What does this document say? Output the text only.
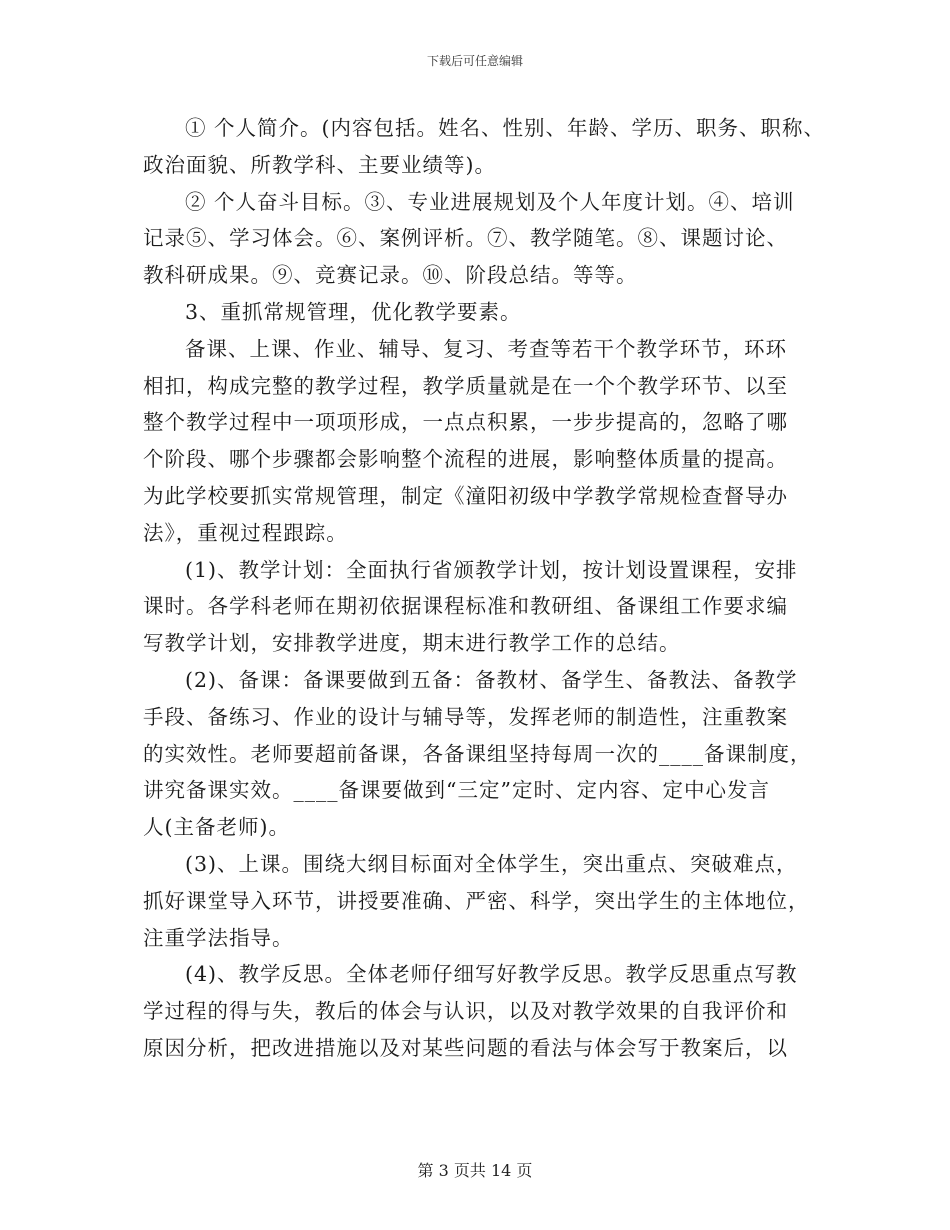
下载后可任意编辑
① 个人简介。(内容包括。姓名、性别、年龄、学历、职务、职称、
政治面貌、所教学科、主要业绩等)。
② 个人奋斗目标。③、专业进展规划及个人年度计划。④、培训
记录⑤、学习体会。⑥、案例评析。⑦、教学随笔。⑧、课题讨论、
教科研成果。⑨、竞赛记录。⑩、阶段总结。等等。
3、重抓常规管理，优化教学要素。
备课、上课、作业、辅导、复习、考查等若干个教学环节，环环
相扣，构成完整的教学过程，教学质量就是在一个个教学环节、以至
整个教学过程中一项项形成，一点点积累，一步步提高的，忽略了哪
个阶段、哪个步骤都会影响整个流程的进展，影响整体质量的提高。
为此学校要抓实常规管理，制定《潼阳初级中学教学常规检查督导办
法》，重视过程跟踪。
(1)、教学计划：全面执行省颁教学计划，按计划设置课程，安排
课时。各学科老师在期初依据课程标准和教研组、备课组工作要求编
写教学计划，安排教学进度，期末进行教学工作的总结。
(2)、备课：备课要做到五备：备教材、备学生、备教法、备教学
手段、备练习、作业的设计与辅导等，发挥老师的制造性，注重教案
的实效性。老师要超前备课，各备课组坚持每周一次的____备课制度，
讲究备课实效。____备课要做到“三定”定时、定内容、定中心发言
人(主备老师)。
(3)、上课。围绕大纲目标面对全体学生，突出重点、突破难点，
抓好课堂导入环节，讲授要准确、严密、科学，突出学生的主体地位，
注重学法指导。
(4)、教学反思。全体老师仔细写好教学反思。教学反思重点写教
学过程的得与失，教后的体会与认识，以及对教学效果的自我评价和
原因分析，把改进措施以及对某些问题的看法与体会写于教案后，以
第 3 页共 14 页
